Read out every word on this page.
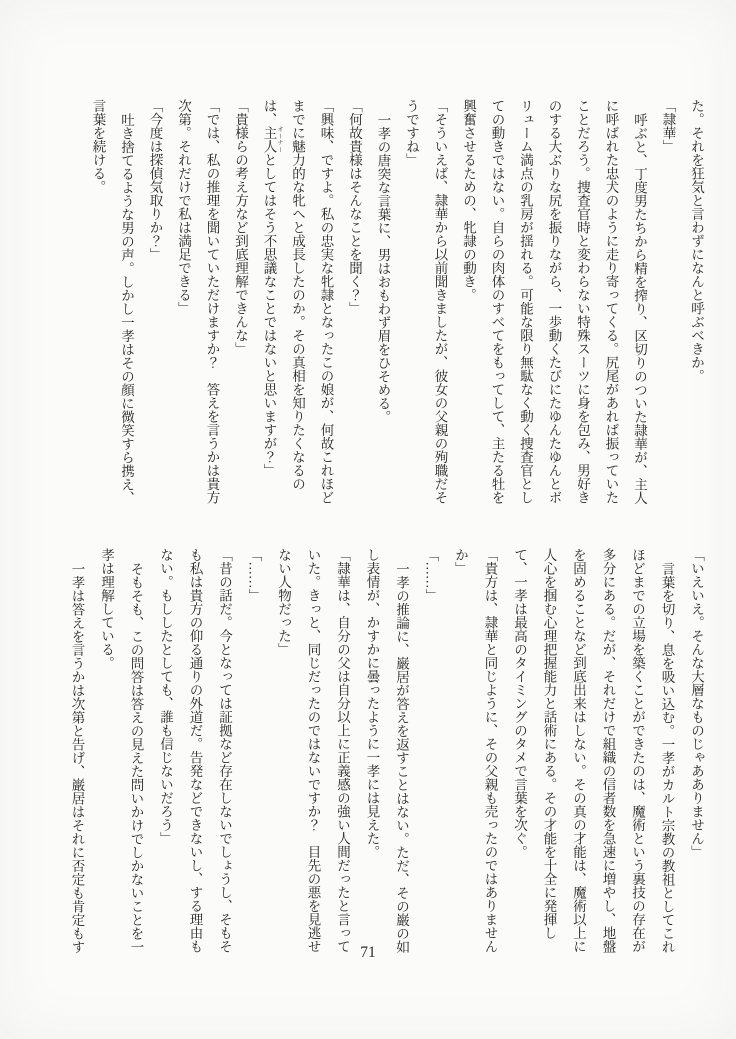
た。それを狂気と言わずになんと呼ぶべきか。
「隷華」
呼ぶと、丁度男たちから精を搾り、区切りのついた隷華が、主人
に呼ばれた忠犬のように走り寄ってくる。尻尾があれば振っていた
ことだろう。捜査官時と変わらない特殊スーツに身を包み、男好き
のする大ぶりな尻を振りながら、一歩動くたびにたゆんたゆんとボ
リューム満点の乳房が揺れる。可能な限り無駄なく動く捜査官とし
ての動きではない。自らの肉体のすべてをもってして、主たる牡を
興奮させるための、牝隷の動き。
「そういえば、隷華から以前聞きましたが、彼女の父親の殉職だそ
うですね」
一孝の唐突な言葉に、男はおもわず眉をひそめる。
「何故貴様はそんなことを聞く？」
「興味、ですよ。私の忠実な牝隷となったこの娘が、何故これほど
までに魅力的な牝へと成長したのか。その真相を知りたくなるの
は、主人 オーナーとしてはそう不思議なことではないと思いますが？」
「貴様らの考え方など到底理解できんな」
「では、私の推理を聞いていただけますか？　答えを言うかは貴方
次第。それだけで私は満足できる」
「今度は探偵気取りか？」
吐き捨てるような男の声。しかし一孝はその顔に微笑すら携え、
言葉を続ける。
「いえいえ。そんな大層なものじゃあありません」
言葉を切り、息を吸い込む。一孝がカルト宗教の教祖としてこれ
ほどまでの立場を築くことができたのは、魔術という裏技の存在が
多分にある。だが、それだけで組織の信者数を急速に増やし、地盤
を固めることなど到底出来はしない。その真の才能は、魔術以上に
人心を掴む心理把握能力と話術にある。その才能を十全に発揮し
て、一孝は最高のタイミングのタメで言葉を次ぐ。
「貴方は、隷華と同じように、その父親も売ったのではありません
か」
「……」
一孝の推論に、巌居が答えを返すことはない。ただ、その巌の如
し表情が、かすかに曇ったように一孝には見えた。
「隷華は、自分の父は自分以上に正義感の強い人間だったと言って
いた。きっと、同じだったのではないですか？　目先の悪を見逃せ
ない人物だった」
「……」
「昔の話だ。今となっては証拠など存在しないでしょうし、そもそ
も私は貴方の仰る通りの外道だ。告発などできないし、する理由も
ない。もししたとしても、誰も信じないだろう」
そもそも、この問答は答えの見えた問いかけでしかないことを一
孝は理解している。
一孝は答えを言うかは次第と告げ、巌居はそれに否定も肯定もす	71
